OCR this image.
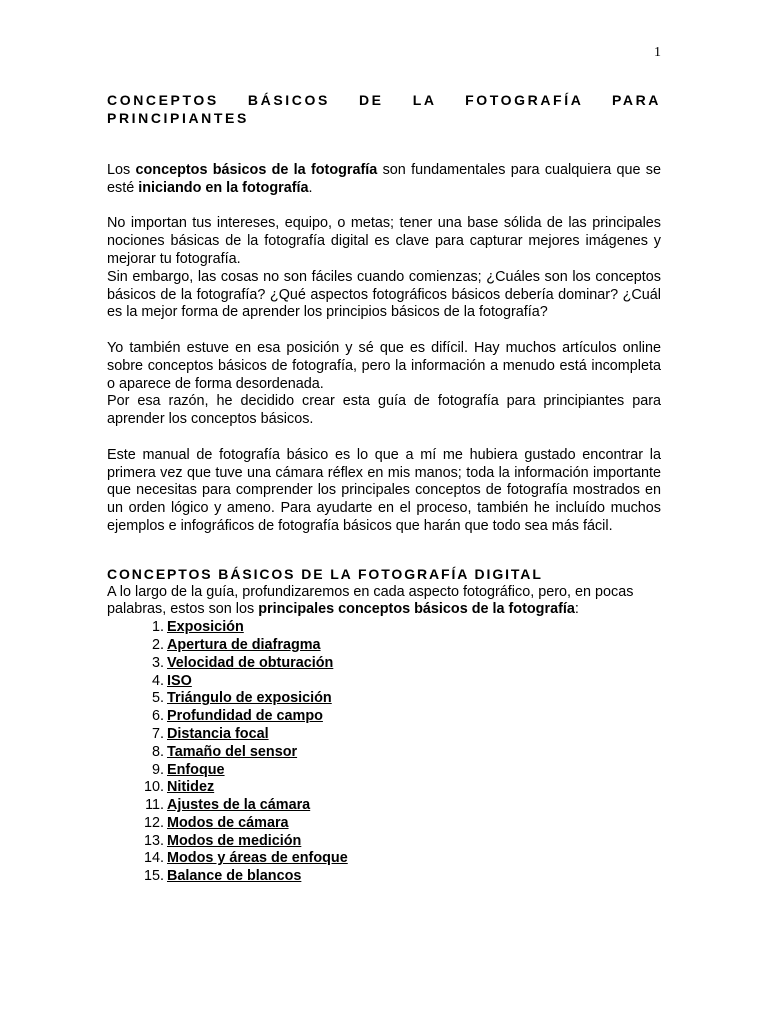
1
CONCEPTOS BÁSICOS DE LA FOTOGRAFÍA PARA
PRINCIPIANTES

Los conceptos básicos de la fotografía son fundamentales para cualquiera que se esté iniciando en la fotografía.

No importan tus intereses, equipo, o metas; tener una base sólida de las principales nociones básicas de la fotografía digital es clave para capturar mejores imágenes y mejorar tu fotografía.

Sin embargo, las cosas no son fáciles cuando comienzas; ¿Cuáles son los conceptos básicos de la fotografía? ¿Qué aspectos fotográficos básicos debería dominar? ¿Cuál es la mejor forma de aprender los principios básicos de la fotografía?

Yo también estuve en esa posición y sé que es difícil. Hay muchos artículos online sobre conceptos básicos de fotografía, pero la información a menudo está incompleta o aparece de forma desordenada.

Por esa razón, he decidido crear esta guía de fotografía para principiantes para aprender los conceptos básicos.

Este manual de fotografía básico es lo que a mí me hubiera gustado encontrar la primera vez que tuve una cámara réflex en mis manos; toda la información importante que necesitas para comprender los principales conceptos de fotografía mostrados en un orden lógico y ameno. Para ayudarte en el proceso, también he incluído muchos ejemplos e infográficos de fotografía básicos que harán que todo sea más fácil.

CONCEPTOS BÁSICOS DE LA FOTOGRAFÍA DIGITAL

A lo largo de la guía, profundizaremos en cada aspecto fotográfico, pero, en pocas palabras, estos son los principales conceptos básicos de la fotografía:

1. Exposición
2. Apertura de diafragma
3. Velocidad de obturación
4. ISO
5. Triángulo de exposición
6. Profundidad de campo
7. Distancia focal
8. Tamaño del sensor
9. Enfoque
10. Nitidez
11. Ajustes de la cámara
12. Modos de cámara
13. Modos de medición
14. Modos y áreas de enfoque
15. Balance de blancos
